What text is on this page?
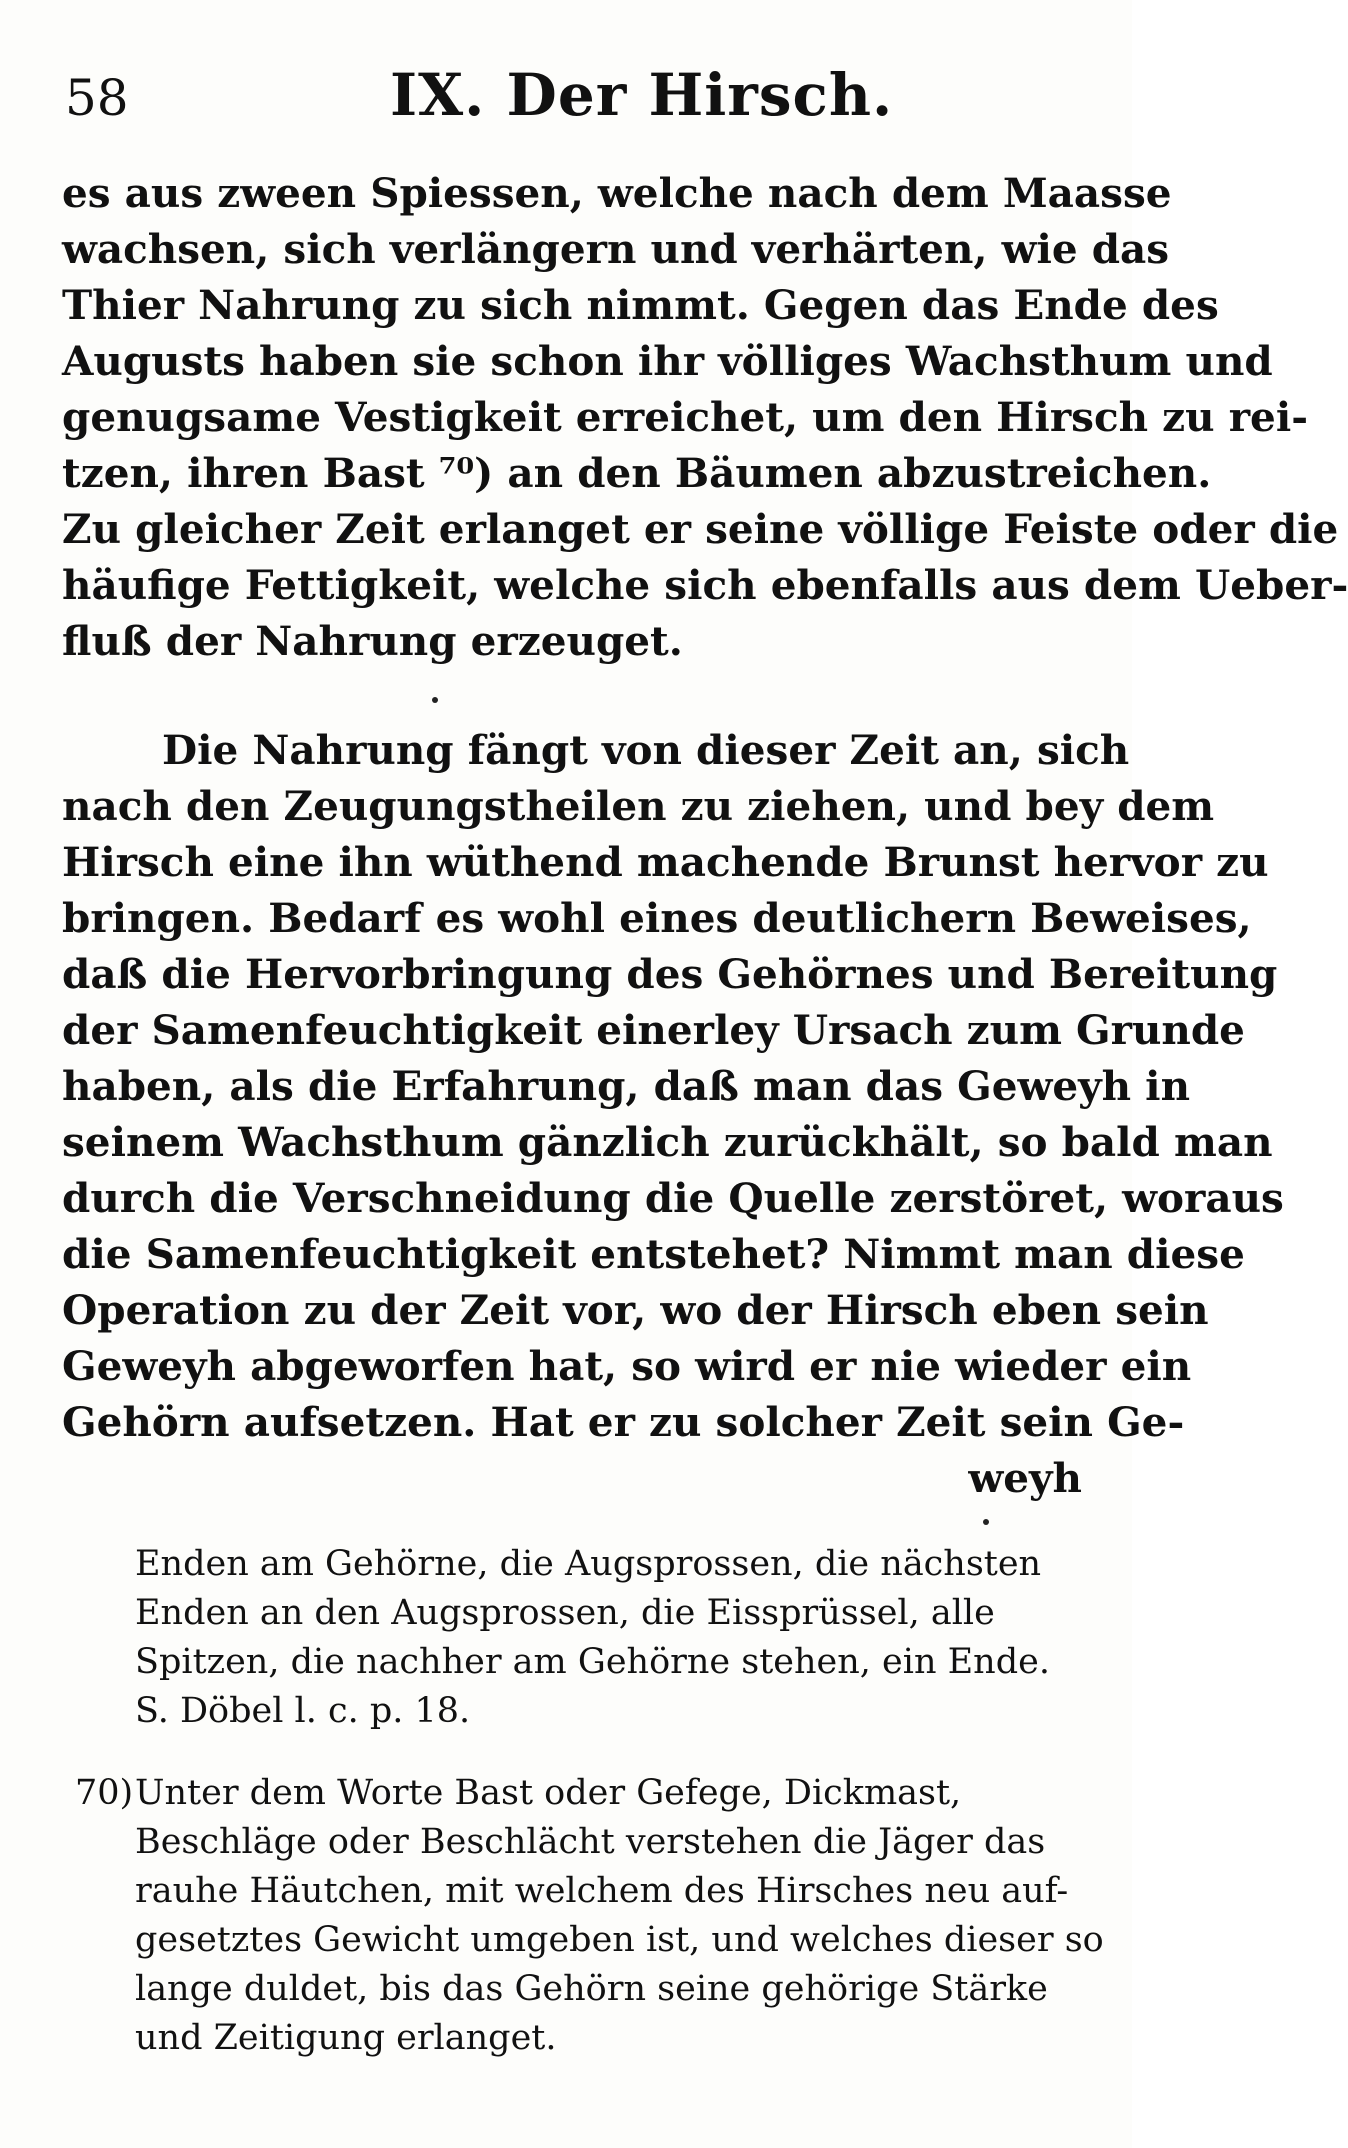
58	IX. Der Hirsch.
es aus zween Spiessen, welche nach dem Maasse
wachsen, sich verlängern und verhärten, wie das
Thier Nahrung zu sich nimmt. Gegen das Ende des
Augusts haben sie schon ihr völliges Wachsthum und
genugsame Vestigkeit erreichet, um den Hirsch zu rei-
tzen, ihren Bast ⁷⁰) an den Bäumen abzustreichen.
Zu gleicher Zeit erlanget er seine völlige Feiste oder die
häufige Fettigkeit, welche sich ebenfalls aus dem Ueber-
fluß der Nahrung erzeuget.
Die Nahrung fängt von dieser Zeit an, sich
nach den Zeugungstheilen zu ziehen, und bey dem
Hirsch eine ihn wüthend machende Brunst hervor zu
bringen. Bedarf es wohl eines deutlichern Beweises,
daß die Hervorbringung des Gehörnes und Bereitung
der Samenfeuchtigkeit einerley Ursach zum Grunde
haben, als die Erfahrung, daß man das Geweyh in
seinem Wachsthum gänzlich zurückhält, so bald man
durch die Verschneidung die Quelle zerstöret, woraus
die Samenfeuchtigkeit entstehet? Nimmt man diese
Operation zu der Zeit vor, wo der Hirsch eben sein
Geweyh abgeworfen hat, so wird er nie wieder ein
Gehörn aufsetzen. Hat er zu solcher Zeit sein Ge-
weyh
Enden am Gehörne, die Augsprossen, die nächsten
Enden an den Augsprossen, die Eissprüssel, alle
Spitzen, die nachher am Gehörne stehen, ein Ende.
S. Döbel l. c. p. 18.
70)Unter dem Worte Bast oder Gefege, Dickmast,
Beschläge oder Beschlächt verstehen die Jäger das
rauhe Häutchen, mit welchem des Hirsches neu auf-
gesetztes Gewicht umgeben ist, und welches dieser so
lange duldet, bis das Gehörn seine gehörige Stärke
und Zeitigung erlanget.
